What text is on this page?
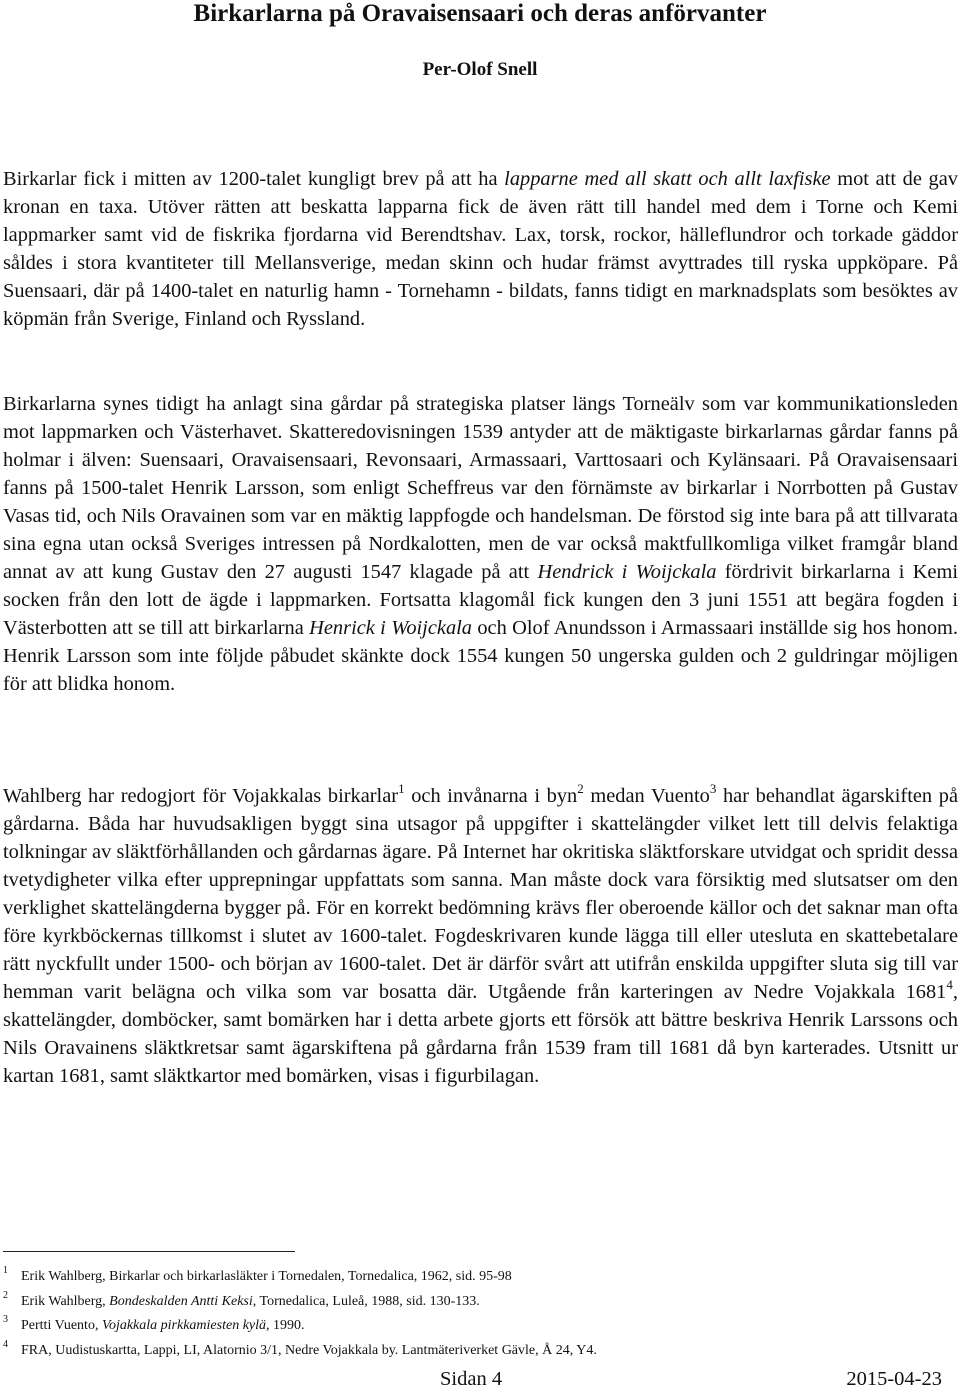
Birkarlarna på Oravaisensaari och deras anförvanter
Per-Olof Snell

Birkarlar fick i mitten av 1200-talet kungligt brev på att ha lapparne med all skatt och allt laxfiske mot att de gav kronan en taxa. Utöver rätten att beskatta lapparna fick de även rätt till handel med dem i Torne och Kemi lappmarker samt vid de fiskrika fjordarna vid Berendtshav. Lax, torsk, rockor, hälleflundror och torkade gäddor såldes i stora kvantiteter till Mellansverige, medan skinn och hudar främst avyttrades till ryska uppköpare. På Suensaari, där på 1400-talet en naturlig hamn - Tornehamn - bildats, fanns tidigt en marknadsplats som besöktes av köpmän från Sverige, Finland och Ryssland.

Birkarlarna synes tidigt ha anlagt sina gårdar på strategiska platser längs Torneälv som var kommunikationsleden mot lappmarken och Västerhavet. Skatteredovisningen 1539 antyder att de mäktigaste birkarlarnas gårdar fanns på holmar i älven: Suensaari, Oravaisensaari, Revonsaari, Armassaari, Varttosaari och Kylänsaari. På Oravaisensaari fanns på 1500-talet Henrik Larsson, som enligt Scheffreus var den förnämste av birkarlar i Norrbotten på Gustav Vasas tid, och Nils Oravainen som var en mäktig lappfogde och handelsman. De förstod sig inte bara på att tillvarata sina egna utan också Sveriges intressen på Nordkalotten, men de var också maktfullkomliga vilket framgår bland annat av att kung Gustav den 27 augusti 1547 klagade på att Hendrick i Woijckala fördrivit birkarlarna i Kemi socken från den lott de ägde i lappmarken. Fortsatta klagomål fick kungen den 3 juni 1551 att begära fogden i Västerbotten att se till att birkarlarna Henrick i Woijckala och Olof Anundsson i Armassaari inställde sig hos honom. Henrik Larsson som inte följde påbudet skänkte dock 1554 kungen 50 ungerska gulden och 2 guldringar möjligen för att blidka honom.

Wahlberg har redogjort för Vojakkalas birkarlar$^1$ och invånarna i byn$^2$ medan Vuento$^3$ har behandlat ägarskiften på gårdarna. Båda har huvudsakligen byggt sina utsagor på uppgifter i skattelängder vilket lett till delvis felaktiga tolkningar av släktförhållanden och gårdarnas ägare. På Internet har okritiska släktforskare utvidgat och spridit dessa tvetydigheter vilka efter upprepningar uppfattats som sanna. Man måste dock vara försiktig med slutsatser om den verklighet skattelängderna bygger på. För en korrekt bedömning krävs fler oberoende källor och det saknar man ofta före kyrkböckernas tillkomst i slutet av 1600-talet. Fogdeskrivaren kunde lägga till eller utesluta en skattebetalare rätt nyckfullt under 1500- och början av 1600-talet. Det är därför svårt att utifrån enskilda uppgifter sluta sig till var hemman varit belägna och vilka som var bosatta där. Utgående från karteringen av Nedre Vojakkala 1681$^4$, skattelängder, domböcker, samt bomärken har i detta arbete gjorts ett försök att bättre beskriva Henrik Larssons och Nils Oravainens släktkretsar samt ägarskiftena på gårdarna från 1539 fram till 1681 då byn karterades. Utsnitt ur kartan 1681, samt släktkartor med bomärken, visas i figurbilagan.

$^1$ Erik Wahlberg, Birkarlar och birkarlasläkter i Tornedalen, Tornedalica, 1962, sid. 95-98
$^2$ Erik Wahlberg, Bondeskalden Antti Keksi, Tornedalica, Luleå, 1988, sid. 130-133.
$^3$ Pertti Vuento, Vojakkala pirkkamiesten kylä, 1990.
$^4$ FRA, Uudistuskartta, Lappi, LI, Alatornio 3/1, Nedre Vojakkala by. Lantmäteriverket Gävle, Å 24, Y4.
Sidan 4	2015-04-23
